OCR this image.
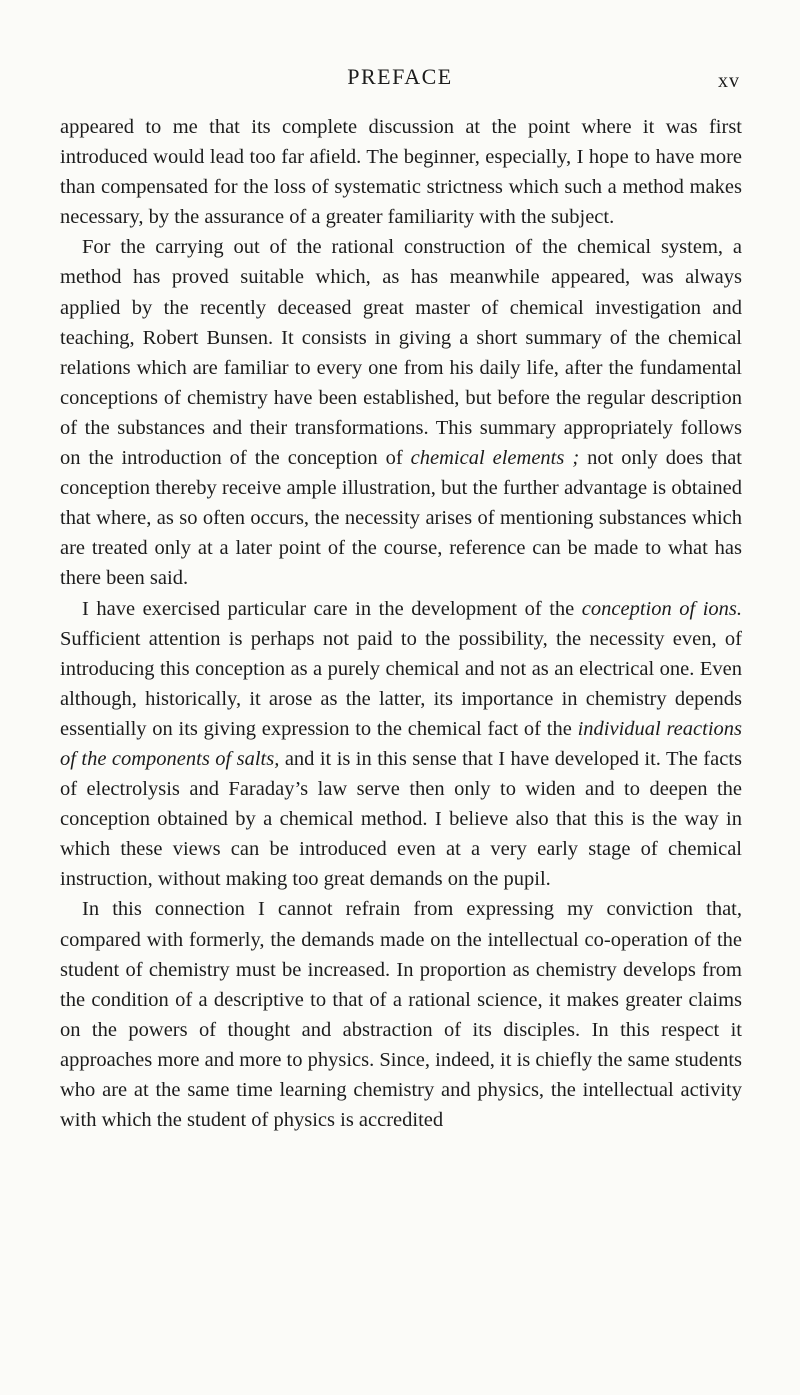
PREFACE	xv

appeared to me that its complete discussion at the point where it was first introduced would lead too far afield. The beginner, especially, I hope to have more than compensated for the loss of systematic strictness which such a method makes necessary, by the assurance of a greater familiarity with the subject.

For the carrying out of the rational construction of the chemical system, a method has proved suitable which, as has meanwhile appeared, was always applied by the recently deceased great master of chemical investigation and teaching, Robert Bunsen. It consists in giving a short summary of the chemical relations which are familiar to every one from his daily life, after the fundamental conceptions of chemistry have been established, but before the regular description of the substances and their transformations. This summary appropriately follows on the introduction of the conception of chemical elements ; not only does that conception thereby receive ample illustration, but the further advantage is obtained that where, as so often occurs, the necessity arises of mentioning substances which are treated only at a later point of the course, reference can be made to what has there been said.

I have exercised particular care in the development of the conception of ions. Sufficient attention is perhaps not paid to the possibility, the necessity even, of introducing this conception as a purely chemical and not as an electrical one. Even although, historically, it arose as the latter, its importance in chemistry depends essentially on its giving expression to the chemical fact of the individual reactions of the components of salts, and it is in this sense that I have developed it. The facts of electrolysis and Faraday’s law serve then only to widen and to deepen the conception obtained by a chemical method. I believe also that this is the way in which these views can be introduced even at a very early stage of chemical instruction, without making too great demands on the pupil.

In this connection I cannot refrain from expressing my conviction that, compared with formerly, the demands made on the intellectual co-operation of the student of chemistry must be increased. In proportion as chemistry develops from the condition of a descriptive to that of a rational science, it makes greater claims on the powers of thought and abstraction of its disciples. In this respect it approaches more and more to physics. Since, indeed, it is chiefly the same students who are at the same time learning chemistry and physics, the intellectual activity with which the student of physics is accredited
